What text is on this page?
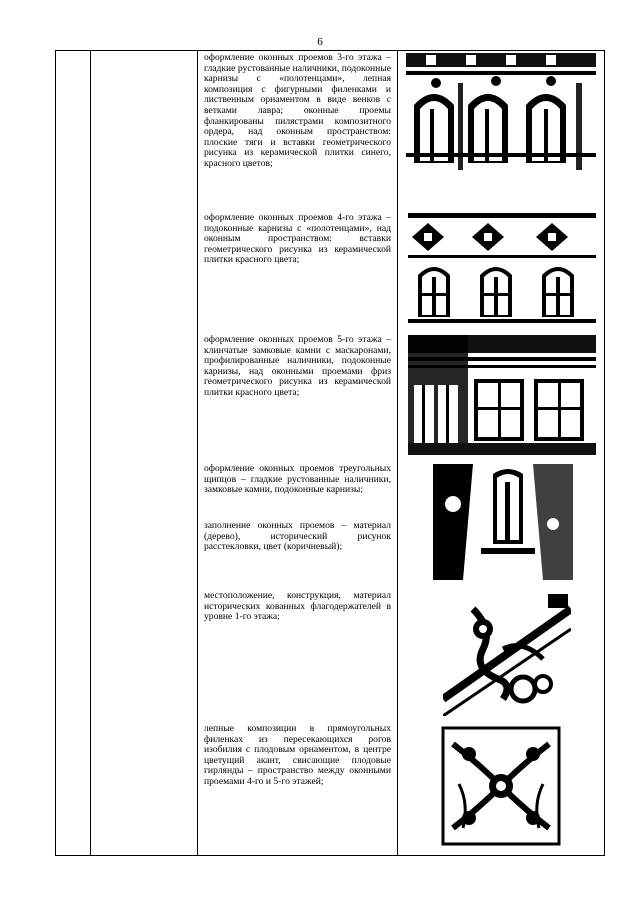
6
оформление оконных проемов 3-го этажа – гладкие рустованные наличники, подоконные карнизы с «полотенцами», лепная композиция с фигурными филенками и лиственным орнаментом в виде венков с ветками лавра; оконные проемы фланкированы пилястрами композитного ордера, над оконным пространством: плоские тяги и вставки геометрического рисунка из керамической плитки синего, красного цветов;
оформление оконных проемов 4-го этажа – подоконные карнизы с «полотенцами», над оконным пространством: вставки геометрического рисунка из керамической плитки красного цвета;
оформление оконных проемов 5-го этажа – клинчатые замковые камни с маскаронами, профилированные наличники, подоконные карнизы, над оконными проемами фриз геометрического рисунка из керамической плитки красного цвета;
оформление оконных проемов треугольных щипцов – гладкие рустованные наличники, замковые камни, подоконные карнизы;
заполнение оконных проемов – материал (дерево), исторический рисунок расстекловки, цвет (коричневый);
местоположение, конструкция, материал исторических кованных флагодержателей в уровне 1-го этажа;
лепные композиции в прямоугольных филенках из пересекающихся рогов изобилия с плодовым орнаментом, в центре цветущий акант, свисающие плодовые гирлянды – пространство между оконными проемами 4-го и 5-го этажей;
